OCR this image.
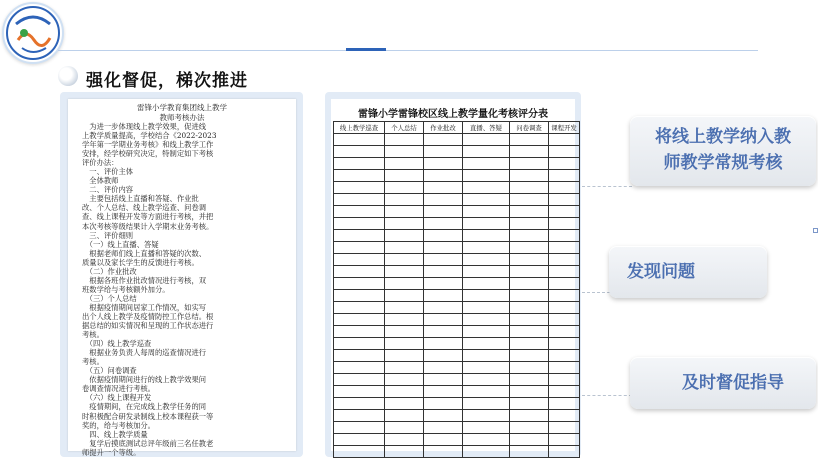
强化督促，梯次推进
雷锋小学教育集团线上教学
教师考核办法
　为进一步体现线上教学效果，促进线
上教学质量提高，学校结合《2022-2023
学年第一学期业务考核》和线上教学工作
安排，经学校研究决定，特制定如下考核
评价办法：
　一、评价主体
　全体教师
　二、评价内容
　主要包括线上直播和答疑、作业批
改、个人总结、线上教学巡查、问卷调
查、线上课程开发等方面进行考核，并把
本次考核等级结果计入学期末业务考核。
　三、评价细则
　（一）线上直播、答疑
　根据老师们线上直播和答疑的次数、
质量以及家长学生的反馈进行考核。
　（二）作业批改
　根据各班作业批改情况进行考核，双
班数学给与考核额外加分。
　（三）个人总结
　根据疫情期间居家工作情况，如实写
出个人线上教学及疫情防控工作总结。根
据总结的如实情况和呈现的工作状态进行
考核。
　（四）线上教学巡查
　根据业务负责人每周的巡查情况进行
考核。
　（五）问卷调查
　依据疫情期间进行的线上教学效果问
卷调查情况进行考核。
　（六）线上课程开发
　疫情期间，在完成线上教学任务的同
时积极配合研发录制线上校本课程获一等
奖的，给与考核加分。
　四、线上教学质量
　复学后摸底测试总评年级前三名任教老
师提升一个等级。
雷锋小学雷锋校区线上教学量化考核评分表
线上教学巡查	个人总结	作业批改	直播、答疑	问卷调查	课程开发

						将线上教学纳入教
师教学常规考核
发现问题
及时督促指导
